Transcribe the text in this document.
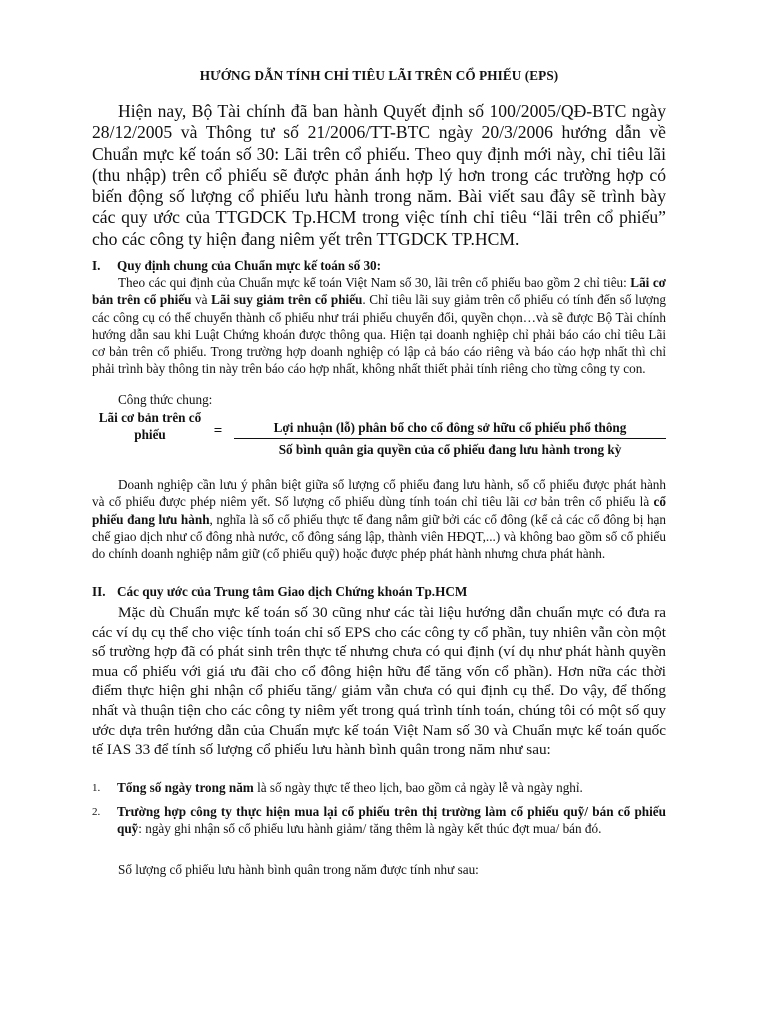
HƯỚNG DẪN TÍNH CHỈ TIÊU LÃI TRÊN CỔ PHIẾU (EPS)

Hiện nay, Bộ Tài chính đã ban hành Quyết định số 100/2005/QĐ-BTC ngày 28/12/2005 và Thông tư số 21/2006/TT-BTC ngày 20/3/2006 hướng dẫn về Chuẩn mực kế toán số 30: Lãi trên cổ phiếu. Theo quy định mới này, chỉ tiêu lãi (thu nhập) trên cổ phiếu sẽ được phản ánh hợp lý hơn trong các trường hợp có biến động số lượng cổ phiếu lưu hành trong năm. Bài viết sau đây sẽ trình bày các quy ước của TTGDCK Tp.HCM trong việc tính chỉ tiêu “lãi trên cổ phiếu” cho các công ty hiện đang niêm yết trên TTGDCK TP.HCM.

I. Quy định chung của Chuẩn mực kế toán số 30:

Theo các qui định của Chuẩn mực kế toán Việt Nam số 30, lãi trên cổ phiếu bao gồm 2 chỉ tiêu: Lãi cơ bản trên cổ phiếu và Lãi suy giảm trên cổ phiếu. Chỉ tiêu lãi suy giảm trên cổ phiếu có tính đến số lượng các công cụ có thể chuyển thành cổ phiếu như trái phiếu chuyển đổi, quyền chọn…và sẽ được Bộ Tài chính hướng dẫn sau khi Luật Chứng khoán được thông qua. Hiện tại doanh nghiệp chỉ phải báo cáo chỉ tiêu Lãi cơ bản trên cổ phiếu. Trong trường hợp doanh nghiệp có lập cả báo cáo riêng và báo cáo hợp nhất thì chỉ phải trình bày thông tin này trên báo cáo hợp nhất, không nhất thiết phải tính riêng cho từng công ty con.

Công thức chung:

Lãi cơ bản trên cổ phiếu	=	Lợi nhuận (lỗ) phân bổ cho cổ đông sở hữu cổ phiếu phổ thông
Số bình quân gia quyền của cổ phiếu đang lưu hành trong kỳ

Doanh nghiệp cần lưu ý phân biệt giữa số lượng cổ phiếu đang lưu hành, số cổ phiếu được phát hành và cổ phiếu được phép niêm yết. Số lượng cổ phiếu dùng tính toán chỉ tiêu lãi cơ bản trên cổ phiếu là cổ phiếu đang lưu hành, nghĩa là số cổ phiếu thực tế đang nắm giữ bởi các cổ đông (kể cả các cổ đông bị hạn chế giao dịch như cổ đông nhà nước, cổ đông sáng lập, thành viên HĐQT,...) và không bao gồm số cổ phiếu do chính doanh nghiệp nắm giữ (cổ phiếu quỹ) hoặc được phép phát hành nhưng chưa phát hành.

II. Các quy ước của Trung tâm Giao dịch Chứng khoán Tp.HCM

Mặc dù Chuẩn mực kế toán số 30 cũng như các tài liệu hướng dẫn chuẩn mực có đưa ra các ví dụ cụ thể cho việc tính toán chỉ số EPS cho các công ty cổ phần, tuy nhiên vẫn còn một số trường hợp đã có phát sinh trên thực tế nhưng chưa có qui định (ví dụ như phát hành quyền mua cổ phiếu với giá ưu đãi cho cổ đông hiện hữu để tăng vốn cổ phần). Hơn nữa các thời điểm thực hiện ghi nhận cổ phiếu tăng/ giảm vẫn chưa có qui định cụ thể. Do vậy, để thống nhất và thuận tiện cho các công ty niêm yết trong quá trình tính toán, chúng tôi có một số quy ước dựa trên hướng dẫn của Chuẩn mực kế toán Việt Nam số 30 và Chuẩn mực kế toán quốc tế IAS 33 để tính số lượng cổ phiếu lưu hành bình quân trong năm như sau:

1. Tổng số ngày trong năm là số ngày thực tế theo lịch, bao gồm cả ngày lễ và ngày nghỉ.
2. Trường hợp công ty thực hiện mua lại cổ phiếu trên thị trường làm cổ phiếu quỹ/ bán cổ phiếu quỹ: ngày ghi nhận số cổ phiếu lưu hành giảm/ tăng thêm là ngày kết thúc đợt mua/ bán đó.

Số lượng cổ phiếu lưu hành bình quân trong năm được tính như sau:
